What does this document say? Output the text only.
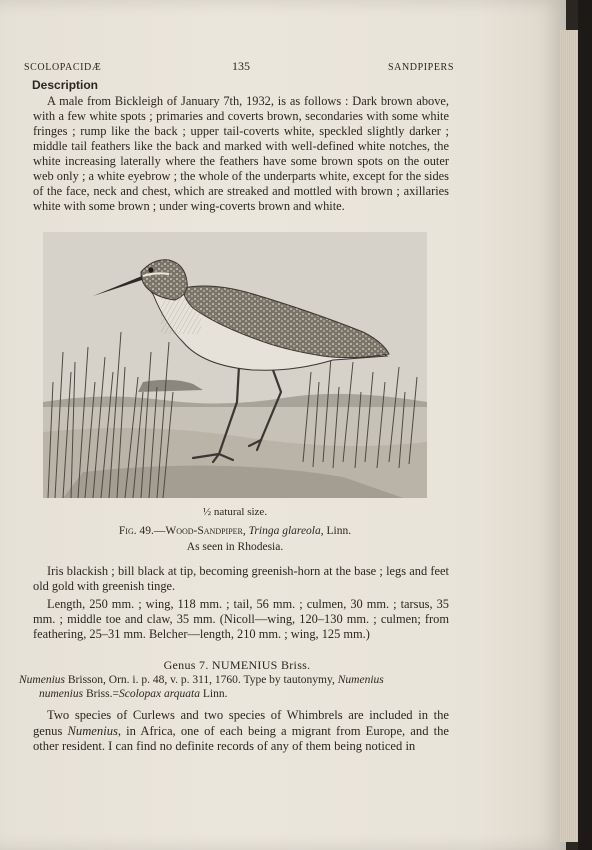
SCOLOPACIDÆ	135	SANDPIPERS
Description

A male from Bickleigh of January 7th, 1932, is as follows : Dark brown above, with a few white spots ; primaries and coverts brown, secondaries with some white fringes ; rump like the back ; upper tail-coverts white, speckled slightly darker ; middle tail feathers like the back and marked with well-defined white notches, the white increasing laterally where the feathers have some brown spots on the outer web only ; a white eyebrow ; the whole of the underparts white, except for the sides of the face, neck and chest, which are streaked and mottled with brown ; axillaries white with some brown ; under wing-coverts brown and white.

½ natural size.
Fig. 49.—Wood-Sandpiper, Tringa glareola, Linn.
As seen in Rhodesia.

Iris blackish ; bill black at tip, becoming greenish-horn at the base ; legs and feet old gold with greenish tinge.

Length, 250 mm. ; wing, 118 mm. ; tail, 56 mm. ; culmen, 30 mm. ; tarsus, 35 mm. ; middle toe and claw, 35 mm. (Nicoll—wing, 120–130 mm. ; culmen; from feathering, 25–31 mm. Belcher—length, 210 mm. ; wing, 125 mm.)

Genus 7. NUMENIUS Briss.
Numenius Brisson, Orn. i. p. 48, v. p. 311, 1760. Type by tautonymy, Numenius
numenius Briss.=Scolopax arquata Linn.

Two species of Curlews and two species of Whimbrels are included in the genus Numenius, in Africa, one of each being a migrant from Europe, and the other resident. I can find no definite records of any of them being noticed in
